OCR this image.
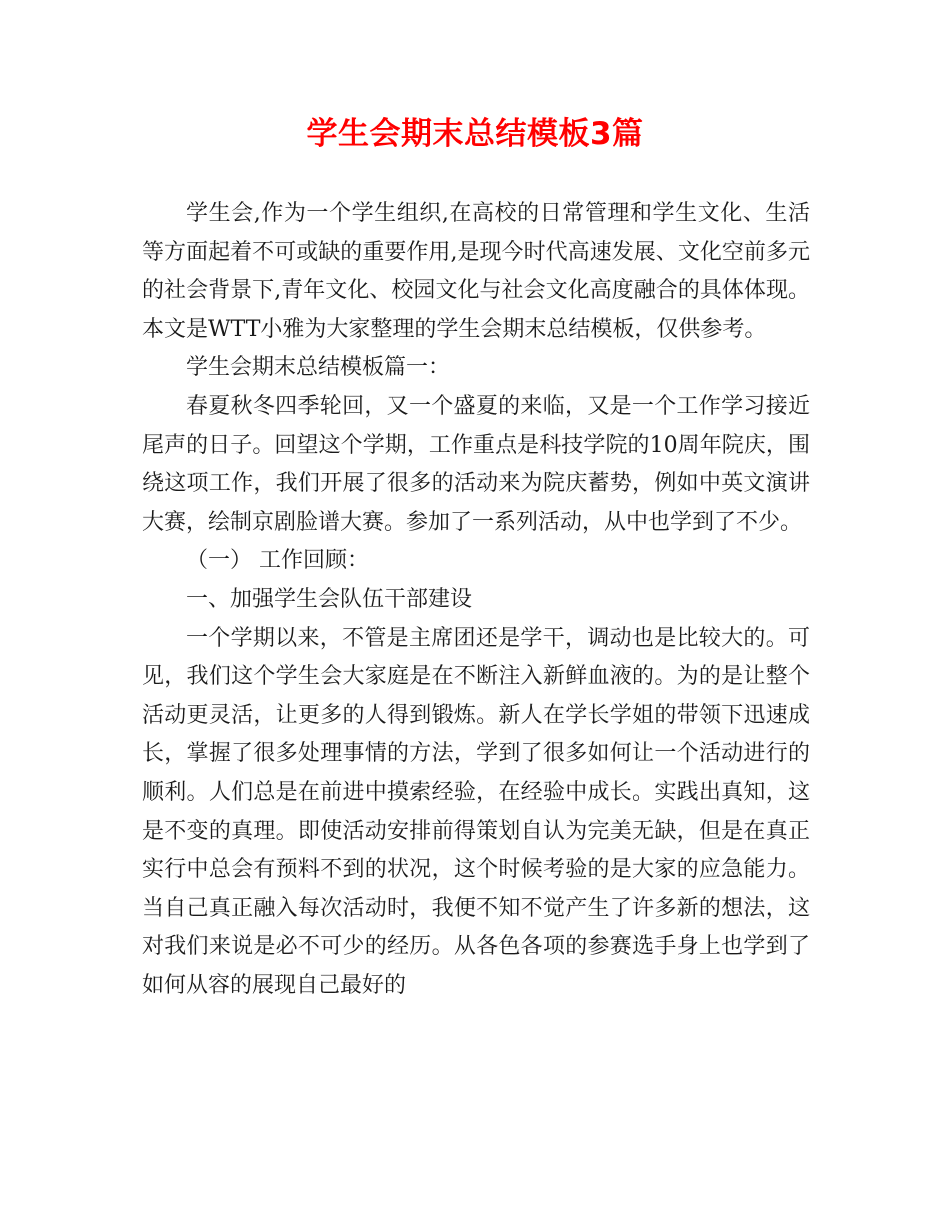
学生会期末总结模板3篇

学生会,作为一个学生组织,在高校的日常管理和学生文化、生活等方面起着不可或缺的重要作用,是现今时代高速发展、文化空前多元的社会背景下,青年文化、校园文化与社会文化高度融合的具体体现。本文是WTT小雅为大家整理的学生会期末总结模板，仅供参考。

学生会期末总结模板篇一：

春夏秋冬四季轮回，又一个盛夏的来临，又是一个工作学习接近尾声的日子。回望这个学期，工作重点是科技学院的10周年院庆，围绕这项工作，我们开展了很多的活动来为院庆蓄势，例如中英文演讲大赛，绘制京剧脸谱大赛。参加了一系列活动，从中也学到了不少。

（一） 工作回顾：

一、加强学生会队伍干部建设

一个学期以来，不管是主席团还是学干，调动也是比较大的。可见，我们这个学生会大家庭是在不断注入新鲜血液的。为的是让整个活动更灵活，让更多的人得到锻炼。新人在学长学姐的带领下迅速成长，掌握了很多处理事情的方法，学到了很多如何让一个活动进行的顺利。人们总是在前进中摸索经验，在经验中成长。实践出真知，这是不变的真理。即使活动安排前得策划自认为完美无缺，但是在真正实行中总会有预料不到的状况，这个时候考验的是大家的应急能力。 当自己真正融入每次活动时，我便不知不觉产生了许多新的想法，这对我们来说是必不可少的经历。从各色各项的参赛选手身上也学到了如何从容的展现自己最好的
